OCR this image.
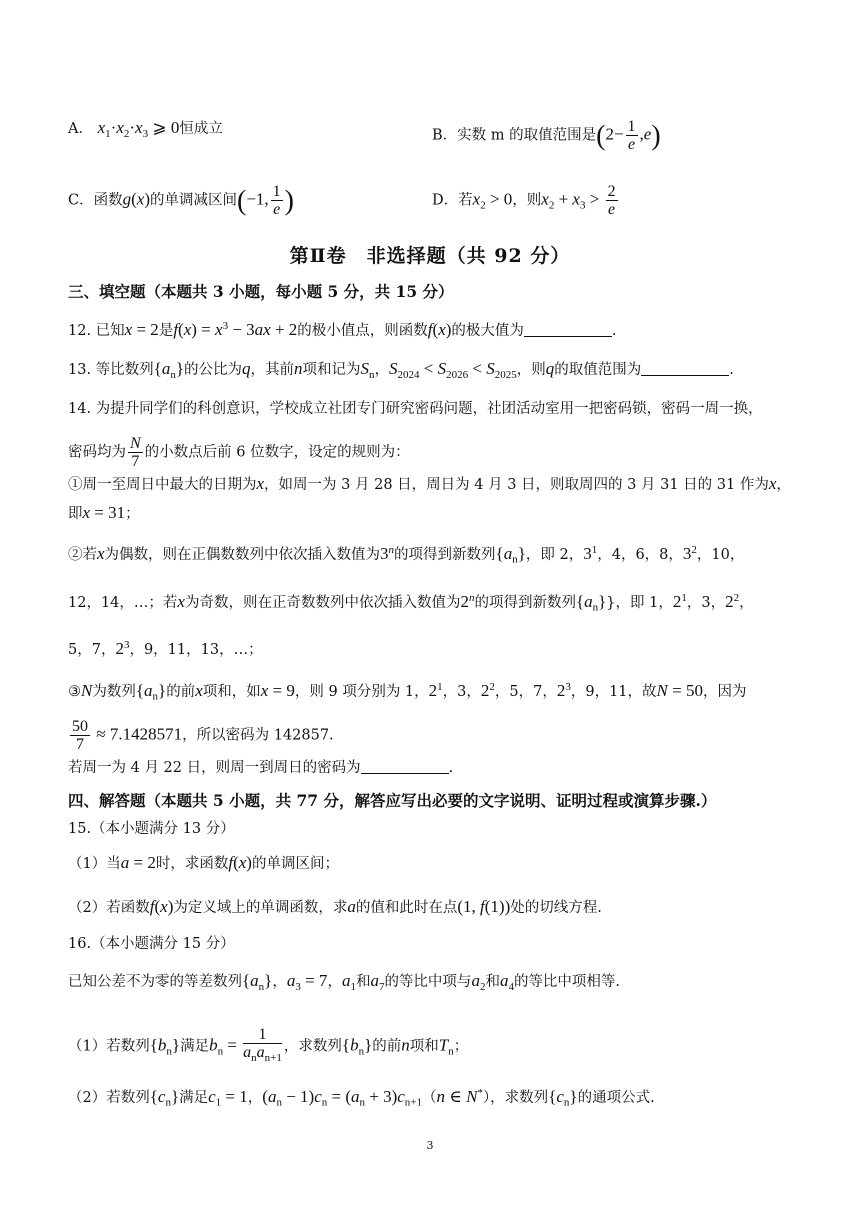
A． $x_1\cdot x_2\cdot x_3$ ⩾ 0恒成立	B．实数 m 的取值范围是$(2- \frac{1}{e} ,e)$
C．函数g(x)的单调减区间(−1, $\frac{1}{e}$ )	D．若$x_2 > 0$，则$x_2 + x_3 > \frac{2}{e}$
第Ⅱ卷　非选择题（共 92 分）
三、填空题（本题共 3 小题，每小题 5 分，共 15 分）
12. 已知x = 2是$f(x) = x^3 - 3ax + 2$的极小值点，则函数f(x)的极大值为	.
13. 等比数列$\{a_n\}$的公比为q，其前n项和记为$S_n$，$S_{2024} < S_{2026} < S_{2025}$，则q的取值范围为	.
14. 为提升同学们的科创意识，学校成立社团专门研究密码问题，社团活动室用一把密码锁，密码一周一换，
密码均为 $\frac{N}{7}$ 的小数点后前 6 位数字，设定的规则为：
①周一至周日中最大的日期为x，如周一为 3 月 28 日，周日为 4 月 3 日，则取周四的 3 月 31 日的 31 作为x，
即x = 31；
②若x为偶数，则在正偶数数列中依次插入数值为3$^n$的项得到新数列$\{a_n\}$，即 2，$3^1$，4，6，8，$3^2$，10，
12，14，…；若x为奇数，则在正奇数数列中依次插入数值为2$^n$的项得到新数列$\{a_n\}$}，即 1，$2^1$，3，$2^2$，
5，7，$2^3$，9，11，13，…；
③N为数列$\{a_n\}$的前x项和，如x = 9，则 9 项分别为 1，$2^1$，3，$2^2$，5，7，$2^3$，9，11，故N = 50，因为
$\frac{50}{7} \approx 7.1428571$，所以密码为 142857.
若周一为 4 月 22 日，则周一到周日的密码为	.
四、解答题（本题共 5 小题，共 77 分，解答应写出必要的文字说明、证明过程或演算步骤.）
15.（本小题满分 13 分）
（1）当a = 2时，求函数f(x)的单调区间；
（2）若函数f(x)为定义域上的单调函数，求a的值和此时在点(1, f(1))处的切线方程.
16.（本小题满分 15 分）
已知公差不为零的等差数列$\{a_n\}$，$a_3 = 7$，$a_1$和$a_7$的等比中项与$a_2$和$a_4$的等比中项相等.
（1）若数列$\{b_n\}$满足$b_n = \frac{1}{a_na_{n+1}}$ ，求数列$\{b_n\}$的前n项和$T_n$；
（2）若数列$\{c_n\}$满足$c_1 = 1$，$(a_n - 1)c_n = (a_n + 3)c_{n+1}(n$ ∈ N*），求数列$\{c_n\}$的通项公式.
3
